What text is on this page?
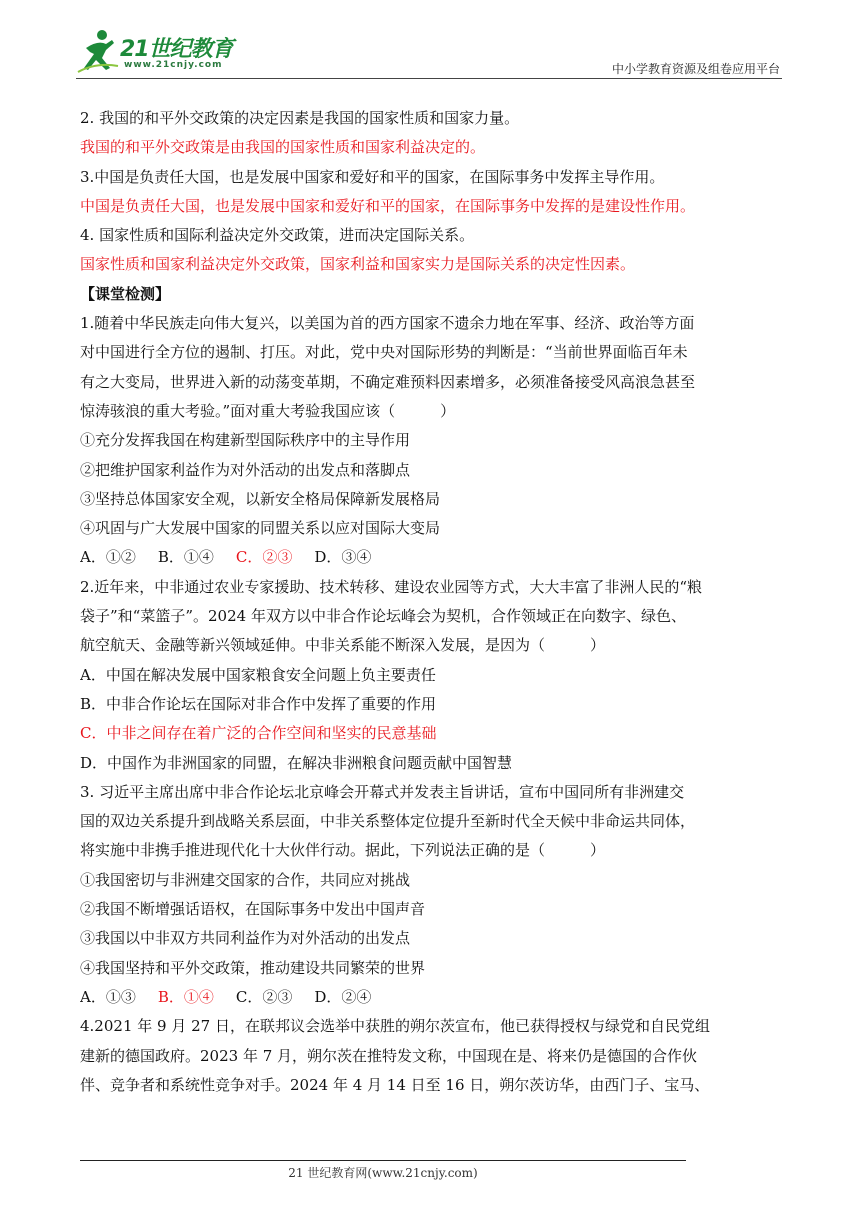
21世纪教育
www.21cnjy.com	中小学教育资源及组卷应用平台
2. 我国的和平外交政策的决定因素是我国的国家性质和国家力量。
我国的和平外交政策是由我国的国家性质和国家利益决定的。
3.中国是负责任大国，也是发展中国家和爱好和平的国家，在国际事务中发挥主导作用。
中国是负责任大国，也是发展中国家和爱好和平的国家，在国际事务中发挥的是建设性作用。
4. 国家性质和国际利益决定外交政策，进而决定国际关系。
国家性质和国家利益决定外交政策，国家利益和国家实力是国际关系的决定性因素。
【课堂检测】
1.随着中华民族走向伟大复兴，以美国为首的西方国家不遗余力地在军事、经济、政治等方面
对中国进行全方位的遏制、打压。对此，党中央对国际形势的判断是：“当前世界面临百年未
有之大变局，世界进入新的动荡变革期，不确定难预料因素增多，必须准备接受风高浪急甚至
惊涛骇浪的重大考验。”面对重大考验我国应该（　　　）
①充分发挥我国在构建新型国际秩序中的主导作用
②把维护国家利益作为对外活动的出发点和落脚点
③坚持总体国家安全观，以新安全格局保障新发展格局
④巩固与广大发展中国家的同盟关系以应对国际大变局
A．①② B．①④ C．②③ D．③④
2.近年来，中非通过农业专家援助、技术转移、建设农业园等方式，大大丰富了非洲人民的“粮
袋子”和“菜篮子”。2024 年双方以中非合作论坛峰会为契机，合作领域正在向数字、绿色、
航空航天、金融等新兴领域延伸。中非关系能不断深入发展，是因为（　　　）
A．中国在解决发展中国家粮食安全问题上负主要责任
B．中非合作论坛在国际对非合作中发挥了重要的作用
C．中非之间存在着广泛的合作空间和坚实的民意基础
D．中国作为非洲国家的同盟，在解决非洲粮食问题贡献中国智慧
3. 习近平主席出席中非合作论坛北京峰会开幕式并发表主旨讲话，宣布中国同所有非洲建交
国的双边关系提升到战略关系层面，中非关系整体定位提升至新时代全天候中非命运共同体，
将实施中非携手推进现代化十大伙伴行动。据此，下列说法正确的是（　　　）
①我国密切与非洲建交国家的合作，共同应对挑战
②我国不断增强话语权，在国际事务中发出中国声音
③我国以中非双方共同利益作为对外活动的出发点
④我国坚持和平外交政策，推动建设共同繁荣的世界
A．①③ B．①④ C．②③ D．②④
4.2021 年 9 月 27 日，在联邦议会选举中获胜的朔尔茨宣布，他已获得授权与绿党和自民党组
建新的德国政府。2023 年 7 月，朔尔茨在推特发文称，中国现在是、将来仍是德国的合作伙
伴、竞争者和系统性竞争对手。2024 年 4 月 14 日至 16 日，朔尔茨访华，由西门子、宝马、
21 世纪教育网(www.21cnjy.com)
